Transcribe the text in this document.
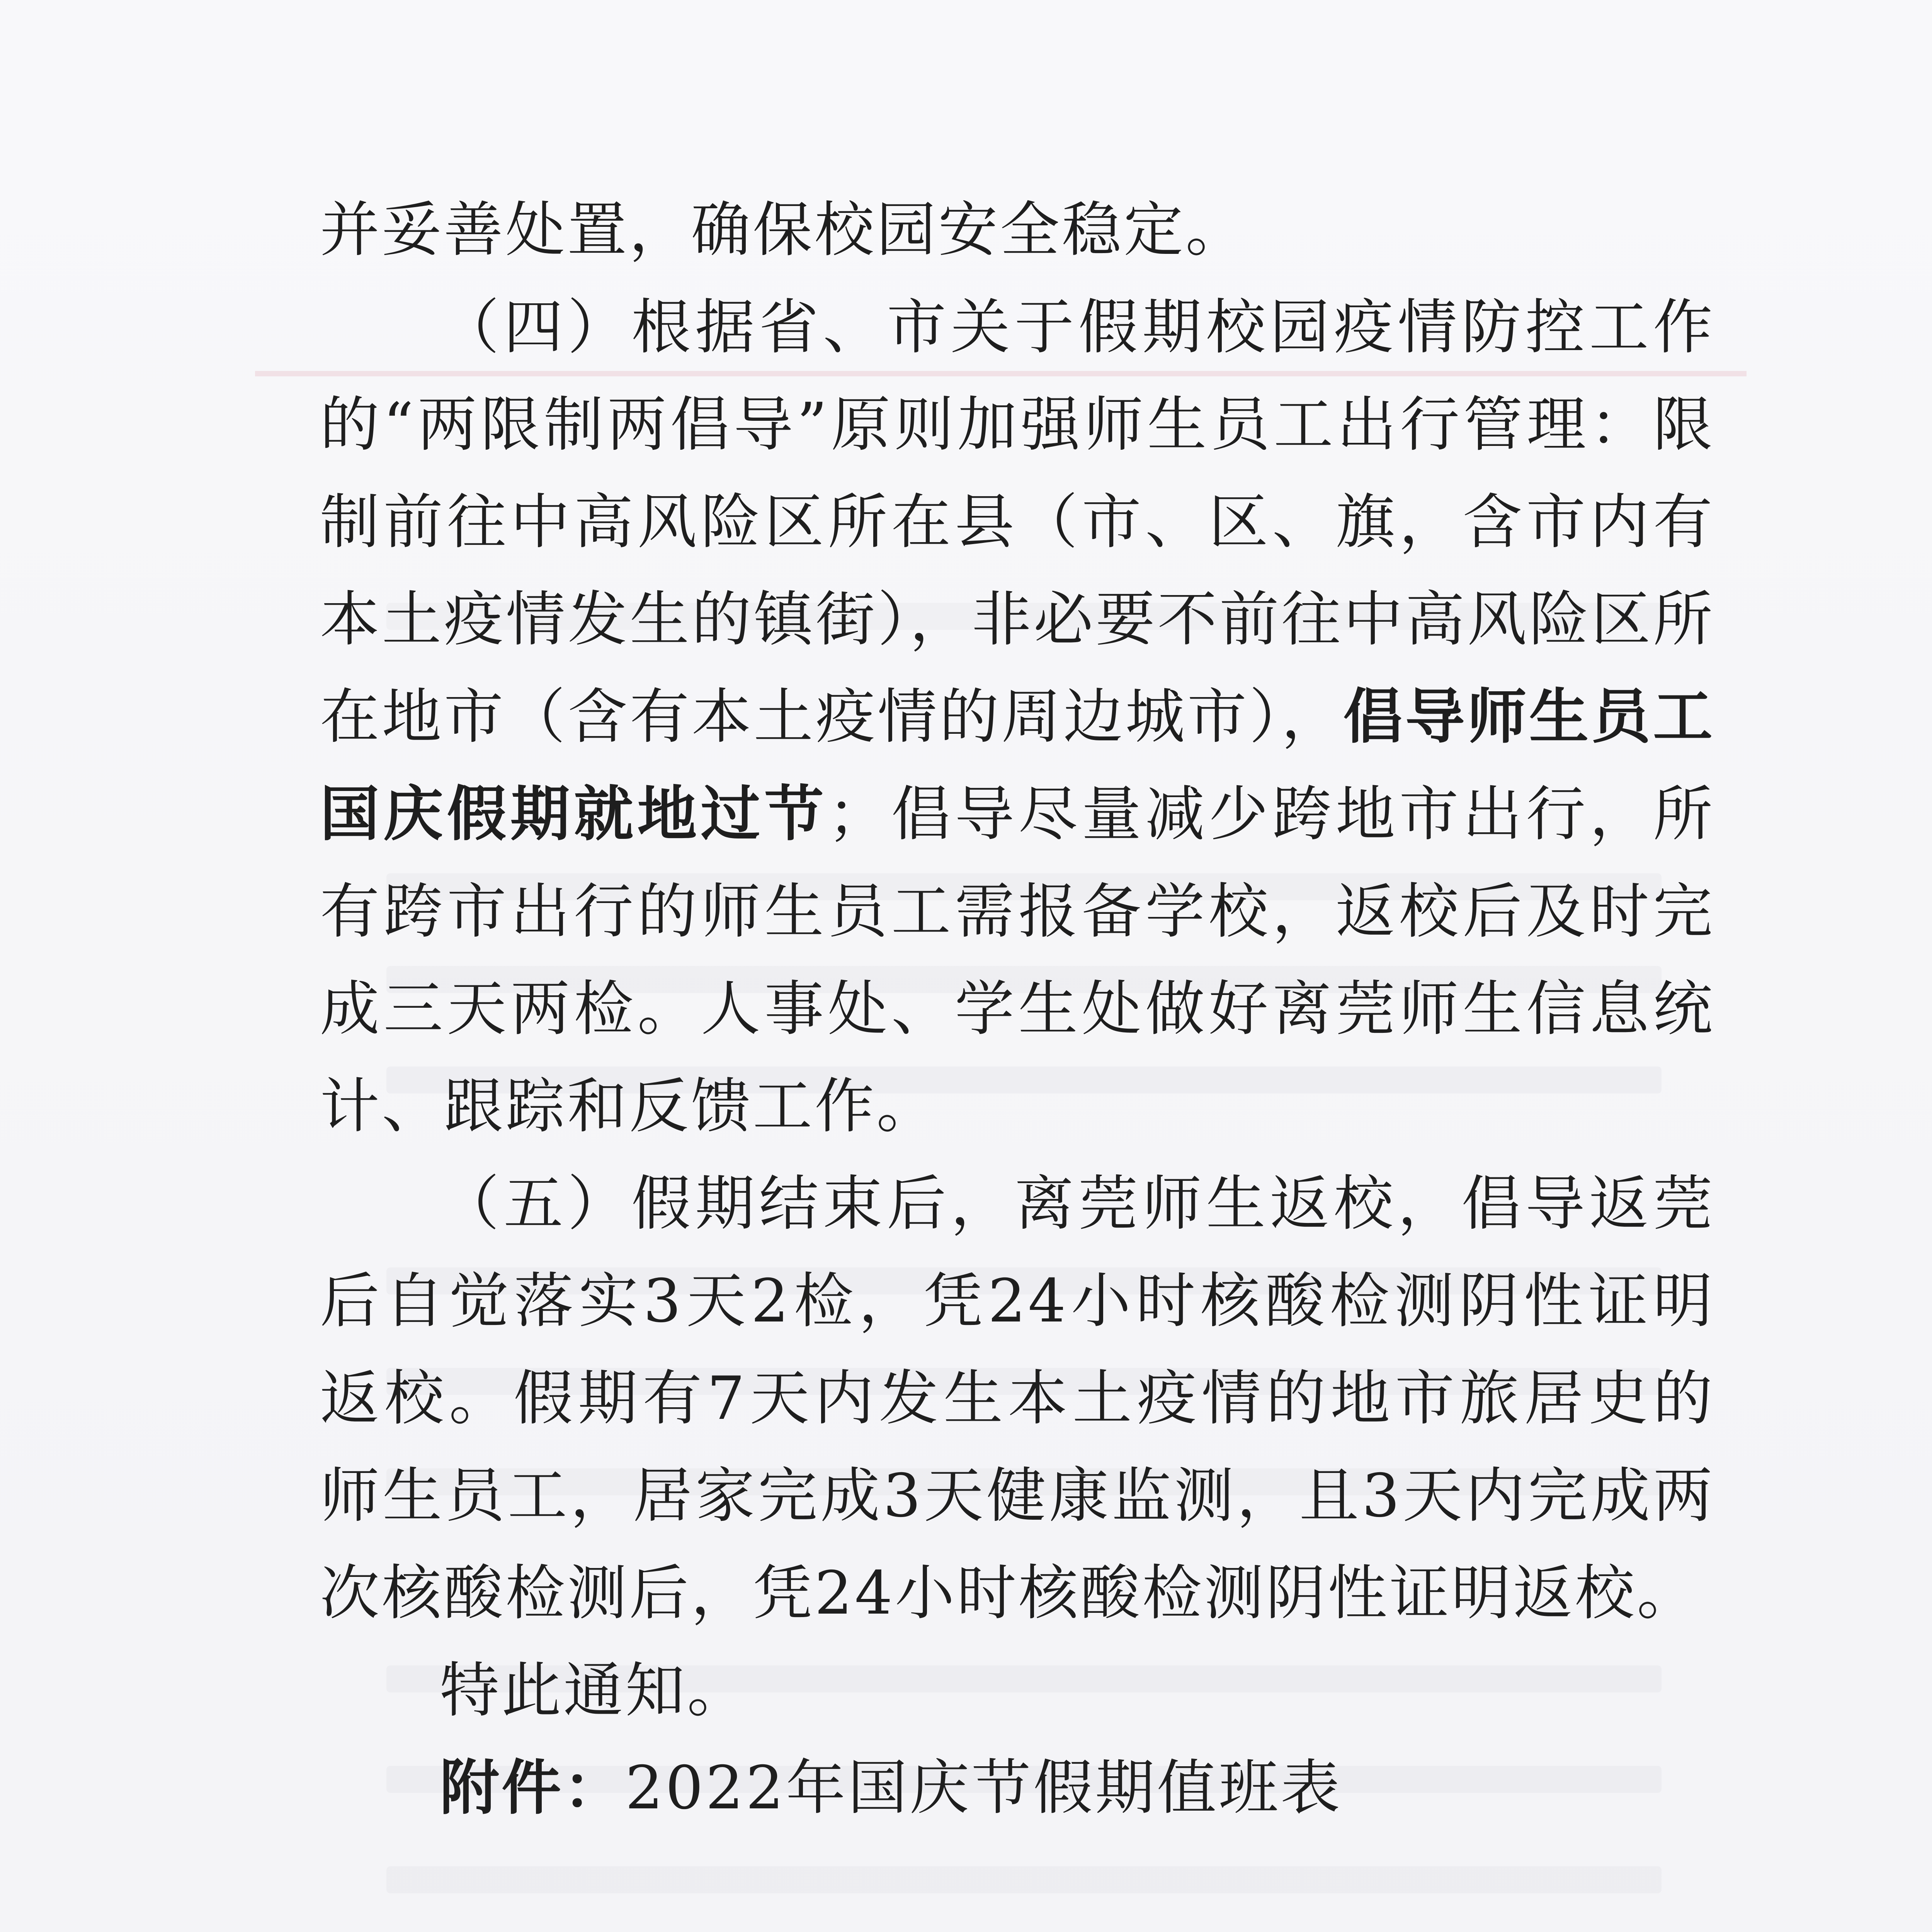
并妥善处置，确保校园安全稳定。

（四）根据省、市关于假期校园疫情防控工作的“两限制两倡导”原则加强师生员工出行管理：限制前往中高风险区所在县（市、区、旗，含市内有本土疫情发生的镇街），非必要不前往中高风险区所在地市（含有本土疫情的周边城市），倡导师生员工国庆假期就地过节；倡导尽量减少跨地市出行，所有跨市出行的师生员工需报备学校，返校后及时完成三天两检。人事处、学生处做好离莞师生信息统计、跟踪和反馈工作。

（五）假期结束后，离莞师生返校，倡导返莞后自觉落实3天2检，凭24小时核酸检测阴性证明返校。假期有7天内发生本土疫情的地市旅居史的师生员工，居家完成3天健康监测，且3天内完成两次核酸检测后，凭24小时核酸检测阴性证明返校。

特此通知。

附件：2022年国庆节假期值班表
